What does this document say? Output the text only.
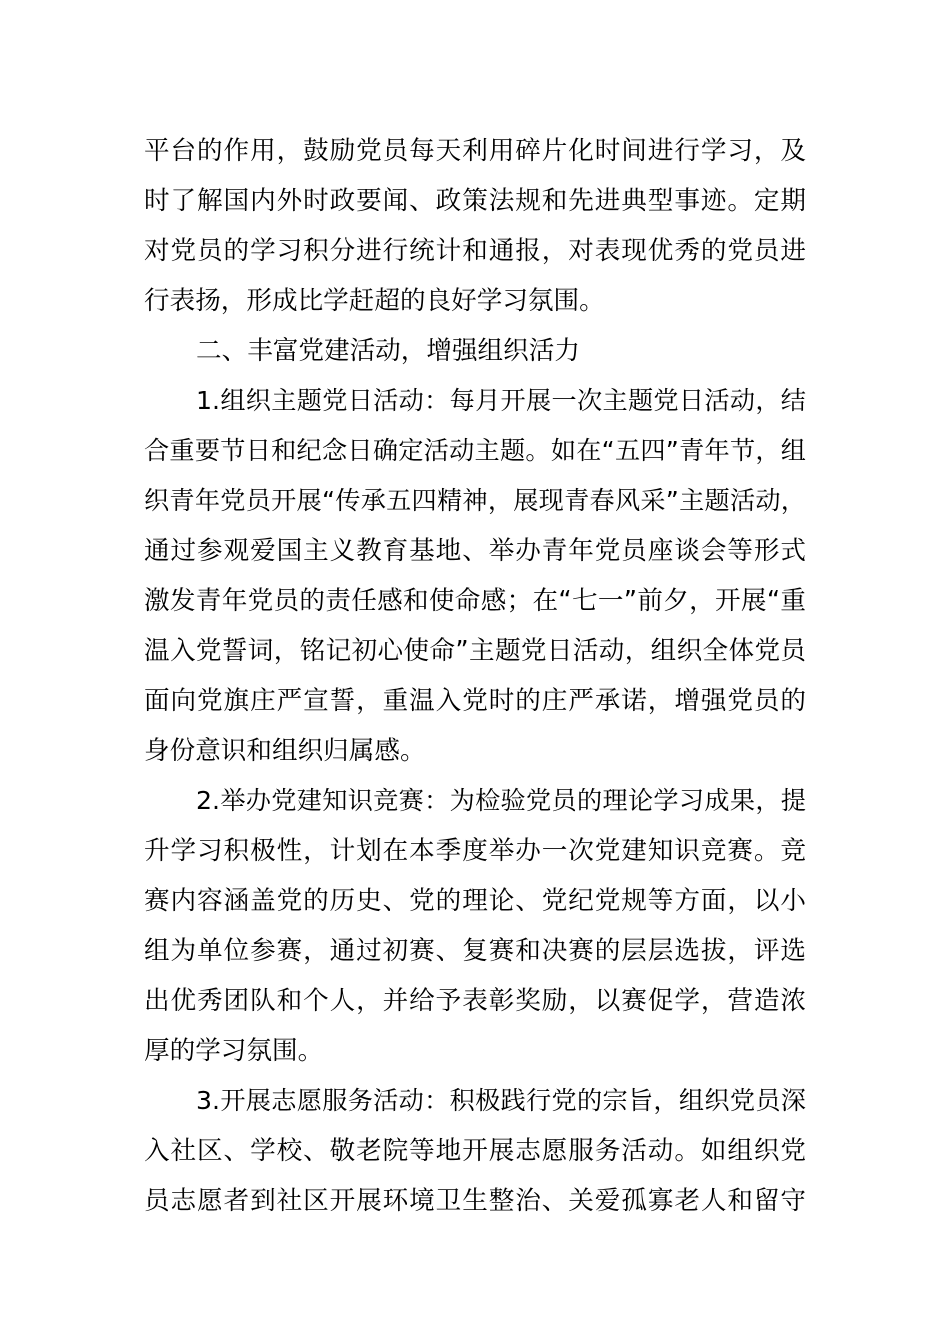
平台的作用，鼓励党员每天利用碎片化时间进行学习，及
时了解国内外时政要闻、政策法规和先进典型事迹。定期
对党员的学习积分进行统计和通报，对表现优秀的党员进
行表扬，形成比学赶超的良好学习氛围。
二、丰富党建活动，增强组织活力
1.组织主题党日活动：每月开展一次主题党日活动，结
合重要节日和纪念日确定活动主题。如在“五四”青年节，组
织青年党员开展“传承五四精神，展现青春风采”主题活动，
通过参观爱国主义教育基地、举办青年党员座谈会等形式
激发青年党员的责任感和使命感；在“七一”前夕，开展“重
温入党誓词，铭记初心使命”主题党日活动，组织全体党员
面向党旗庄严宣誓，重温入党时的庄严承诺，增强党员的
身份意识和组织归属感。
2.举办党建知识竞赛：为检验党员的理论学习成果，提
升学习积极性，计划在本季度举办一次党建知识竞赛。竞
赛内容涵盖党的历史、党的理论、党纪党规等方面，以小
组为单位参赛，通过初赛、复赛和决赛的层层选拔，评选
出优秀团队和个人，并给予表彰奖励，以赛促学，营造浓
厚的学习氛围。
3.开展志愿服务活动：积极践行党的宗旨，组织党员深
入社区、学校、敬老院等地开展志愿服务活动。如组织党
员志愿者到社区开展环境卫生整治、关爱孤寡老人和留守
